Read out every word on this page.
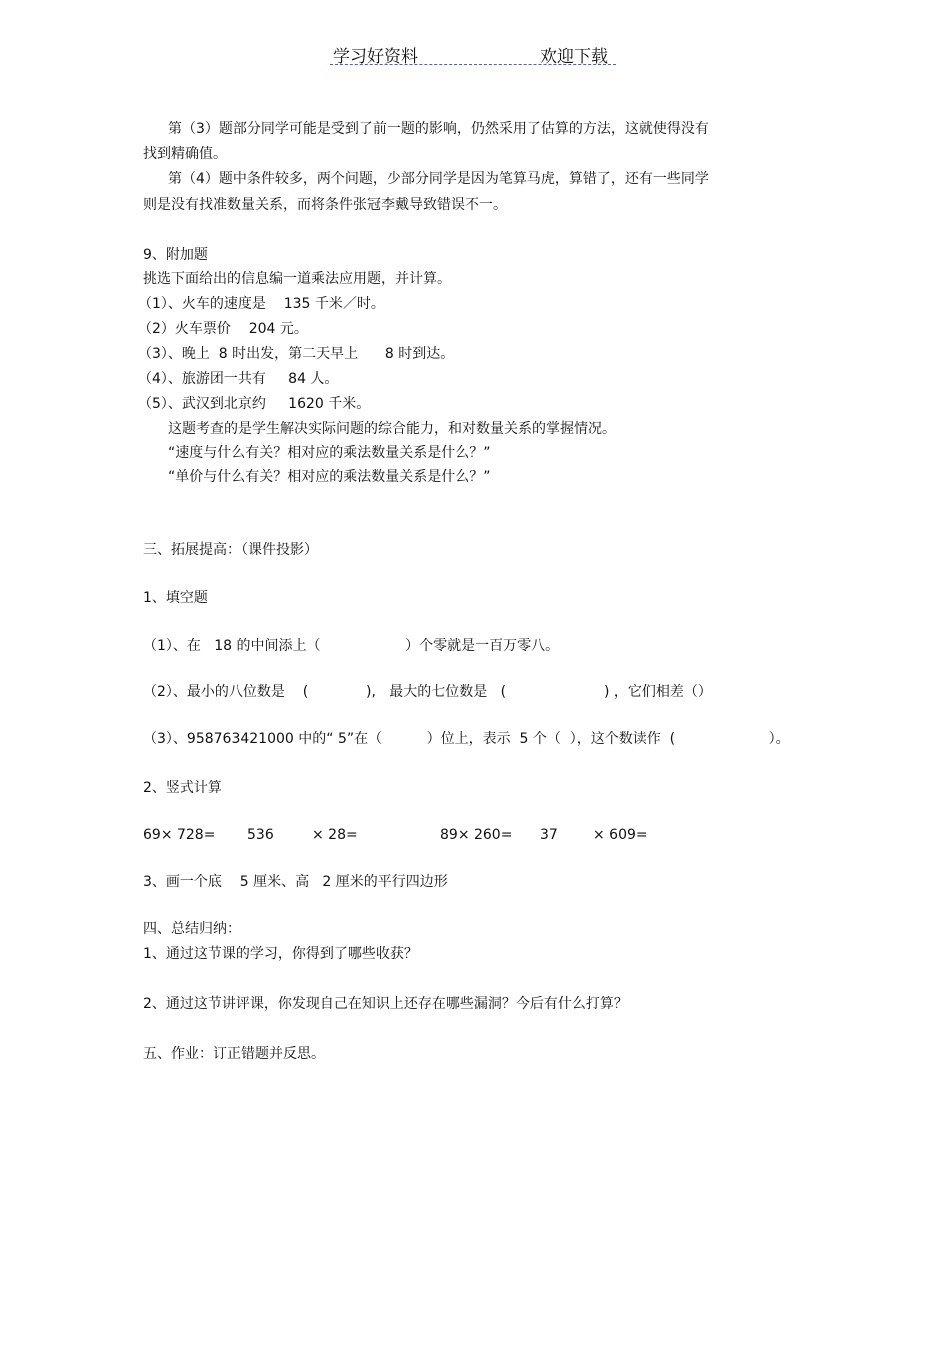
学习好资料	欢迎下载
第（3）题部分同学可能是受到了前一题的影响，仍然采用了估算的方法，这就使得没有
找到精确值。
第（4）题中条件较多，两个问题，少部分同学是因为笔算马虎，算错了，还有一些同学
则是没有找准数量关系，而将条件张冠李戴导致错误不一。
9、附加题
挑选下面给出的信息编一道乘法应用题，并计算。
（1）、火车的速度是    135 千米／时。
（2）火车票价    204 元。
（3）、晚上  8 时出发，第二天早上      8 时到达。
（4）、旅游团一共有     84 人。
（5）、武汉到北京约     1620 千米。
这题考查的是学生解决实际问题的综合能力，和对数量关系的掌握情况。
“速度与什么有关？相对应的乘法数量关系是什么？”
“单价与什么有关？相对应的乘法数量关系是什么？”
三、拓展提高：（课件投影）
1、填空题
（1）、在   18 的中间添上（                   ）个零就是一百万零八。
（2）、最小的八位数是    (             ),   最大的七位数是   (                      ) ，它们相差（）
（3）、958763421000 中的“ 5”在（          ）位上，表示  5 个（  ），这个数读作  (                     ）。
2、竖式计算
69× 728= 536	× 28=	89× 260= 37	× 609=
3、画一个底    5 厘米、高   2 厘米的平行四边形
四、总结归纳：
1、通过这节课的学习，你得到了哪些收获？
2、通过这节讲评课，你发现自己在知识上还存在哪些漏洞？今后有什么打算？
五、作业：订正错题并反思。
